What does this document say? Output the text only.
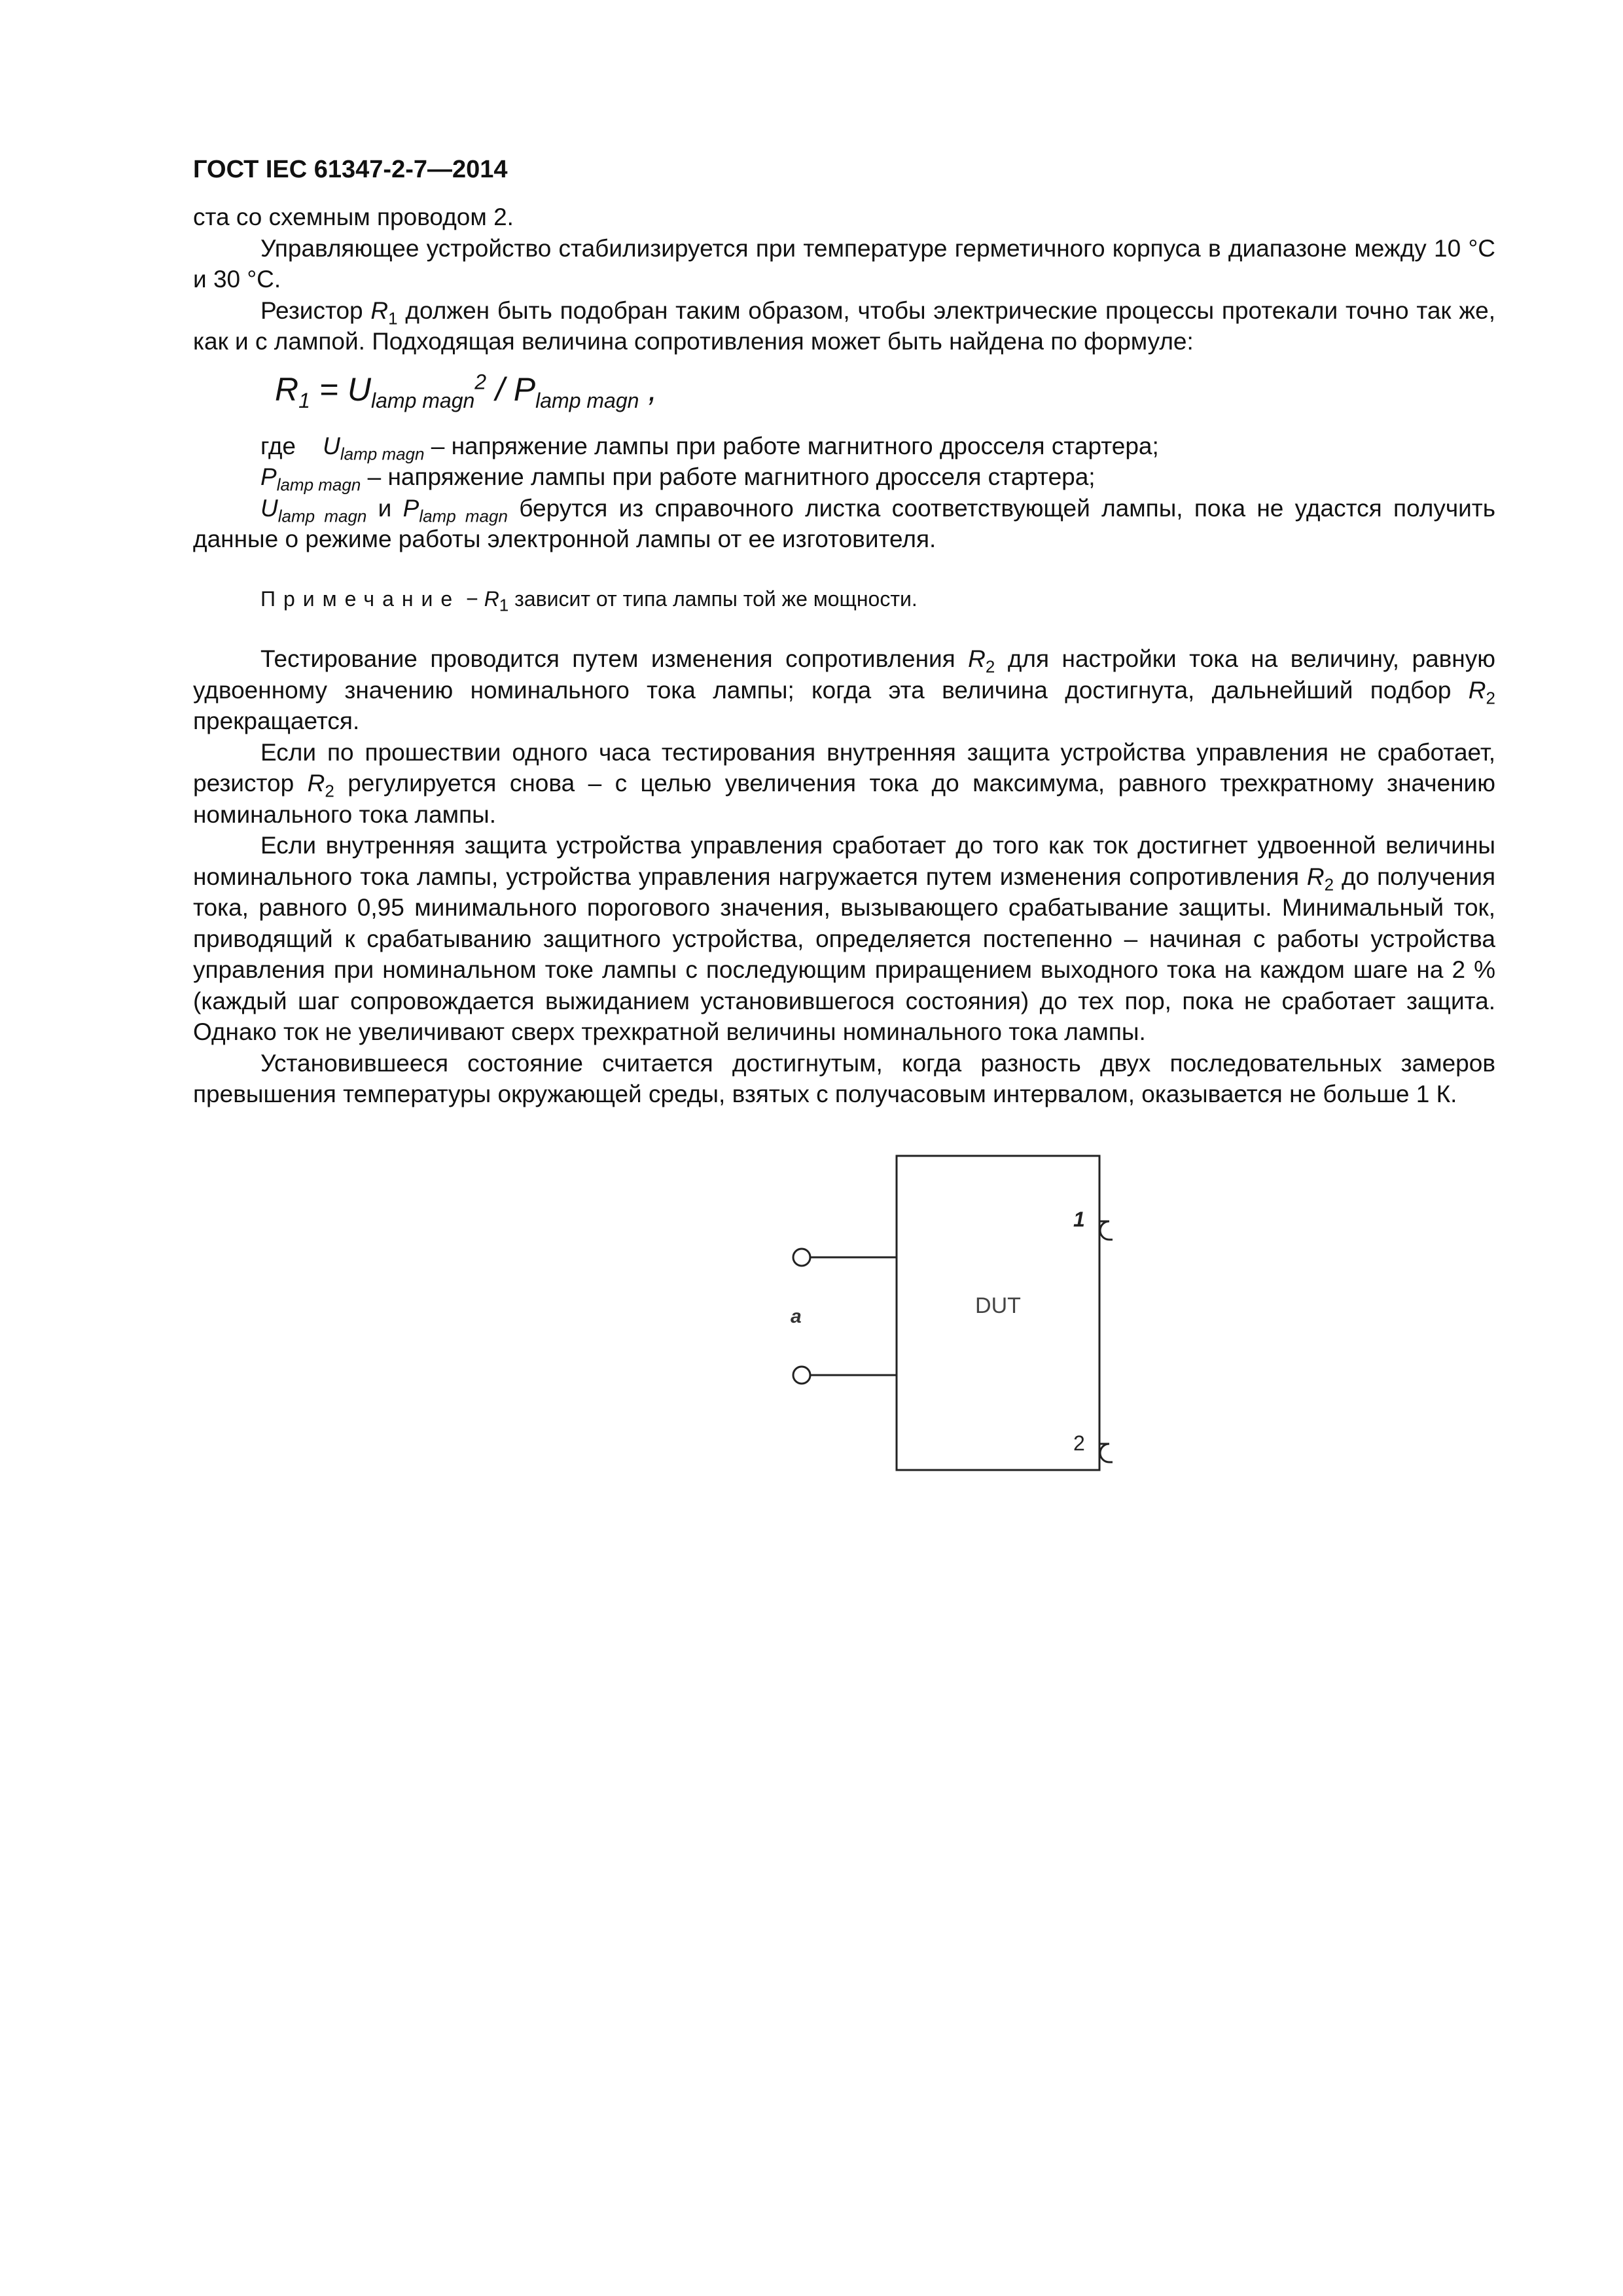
ГОСТ IEC 61347-2-7—2014

ста со схемным проводом 2.

Управляющее устройство стабилизируется при температуре герметичного корпуса в диапазоне между 10 °С и 30 °С.

Резистор $R_1$ должен быть подобран таким образом, чтобы электрические процессы протекали точно так же, как и с лампой. Подходящая величина сопротивления может быть найдена по формуле:

$R_1 = U_{lamp magn}^2 / P_{lamp magn}$ ,

где    $U_{lamp magn}$ – напряжение лампы при работе магнитного дросселя стартера;

$P_{lamp magn}$ – напряжение лампы при работе магнитного дросселя стартера;

$U_{lamp magn}$ и $P_{lamp magn}$ берутся из справочного листка соответствующей лампы, пока не удастся получить данные о режиме работы электронной лампы от ее изготовителя.

Примечание − $R_1$ зависит от типа лампы той же мощности.

Тестирование проводится путем изменения сопротивления $R_2$ для настройки тока на величину, равную удвоенному значению номинального тока лампы; когда эта величина достигнута, дальнейший подбор $R_2$ прекращается.

Если по прошествии одного часа тестирования внутренняя защита устройства управления не сработает, резистор $R_2$ регулируется снова – с целью увеличения тока до максимума, равного трехкратному значению номинального тока лампы.

Если внутренняя защита устройства управления сработает до того как ток достигнет удвоенной величины номинального тока лампы, устройства управления нагружается путем изменения сопротивления $R_2$ до получения тока, равного 0,95 минимального порогового значения, вызывающего срабатывание защиты. Минимальный ток, приводящий к срабатыванию защитного устройства, определяется постепенно – начиная с работы устройства управления при номинальном токе лампы с последующим приращением выходного тока на каждом шаге на 2 % (каждый шаг сопровождается выжиданием установившегося состояния) до тех пор, пока не сработает защита. Однако ток не увеличивают сверх трехкратной величины номинального тока лампы.

Установившееся состояние считается достигнутым, когда разность двух последовательных замеров превышения температуры окружающей среды, взятых с получасовым интервалом, оказывается не больше 1 К.

DUT
a
1
2
